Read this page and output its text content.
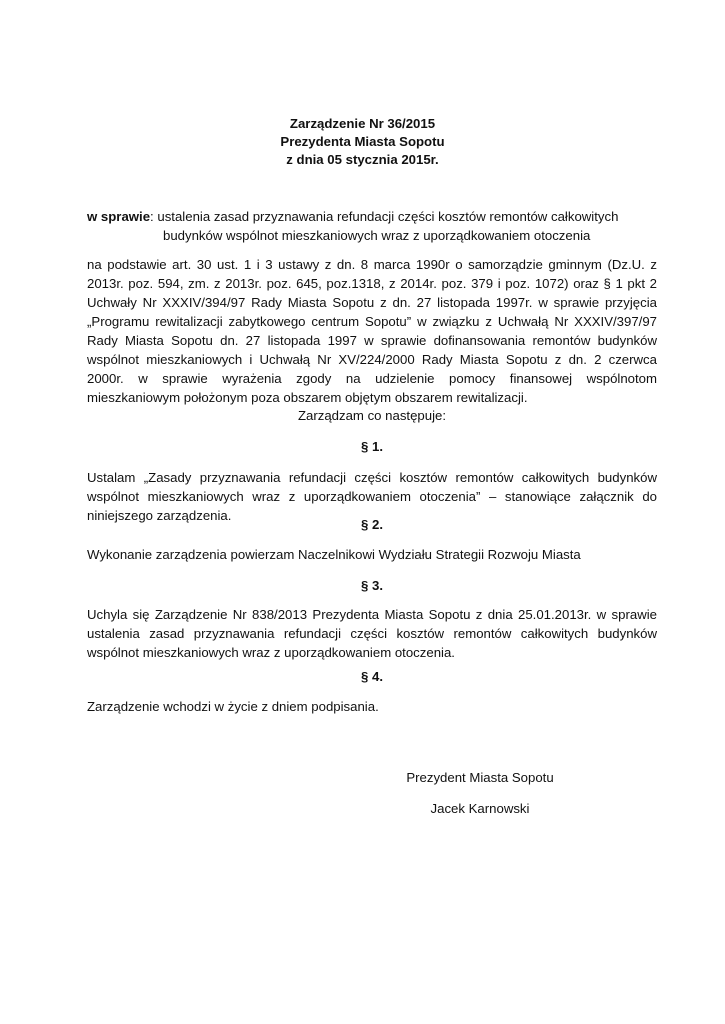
Zarządzenie Nr 36/2015
Prezydenta Miasta Sopotu
z dnia 05 stycznia 2015r.
w sprawie: ustalenia zasad przyznawania refundacji części kosztów remontów całkowitych
budynków wspólnot mieszkaniowych wraz z uporządkowaniem otoczenia
na podstawie art. 30 ust. 1 i 3 ustawy z dn. 8 marca 1990r o samorządzie gminnym (Dz.U. z
2013r. poz. 594, zm. z 2013r. poz. 645, poz.1318, z 2014r. poz. 379 i poz. 1072) oraz § 1 pkt 2
Uchwały Nr XXXIV/394/97 Rady Miasta Sopotu z dn. 27 listopada 1997r. w sprawie przyjęcia
„Programu rewitalizacji zabytkowego centrum Sopotu” w związku z Uchwałą Nr XXXIV/397/97
Rady Miasta Sopotu dn. 27 listopada 1997 w sprawie dofinansowania remontów budynków
wspólnot mieszkaniowych i Uchwałą Nr XV/224/2000 Rady Miasta Sopotu z dn. 2 czerwca
2000r. w sprawie wyrażenia zgody na udzielenie pomocy finansowej wspólnotom
mieszkaniowym położonym poza obszarem objętym obszarem rewitalizacji.
Zarządzam co następuje:
§ 1.
Ustalam „Zasady przyznawania refundacji części kosztów remontów całkowitych budynków
wspólnot mieszkaniowych wraz z uporządkowaniem otoczenia” – stanowiące załącznik do
niniejszego zarządzenia.
§ 2.
Wykonanie zarządzenia powierzam Naczelnikowi Wydziału Strategii Rozwoju Miasta
§ 3.
Uchyla się Zarządzenie Nr 838/2013 Prezydenta Miasta Sopotu z dnia 25.01.2013r. w sprawie
ustalenia zasad przyznawania refundacji części kosztów remontów całkowitych budynków
wspólnot mieszkaniowych wraz z uporządkowaniem otoczenia.
§ 4.
Zarządzenie wchodzi w życie z dniem podpisania.
Prezydent Miasta Sopotu
Jacek Karnowski
